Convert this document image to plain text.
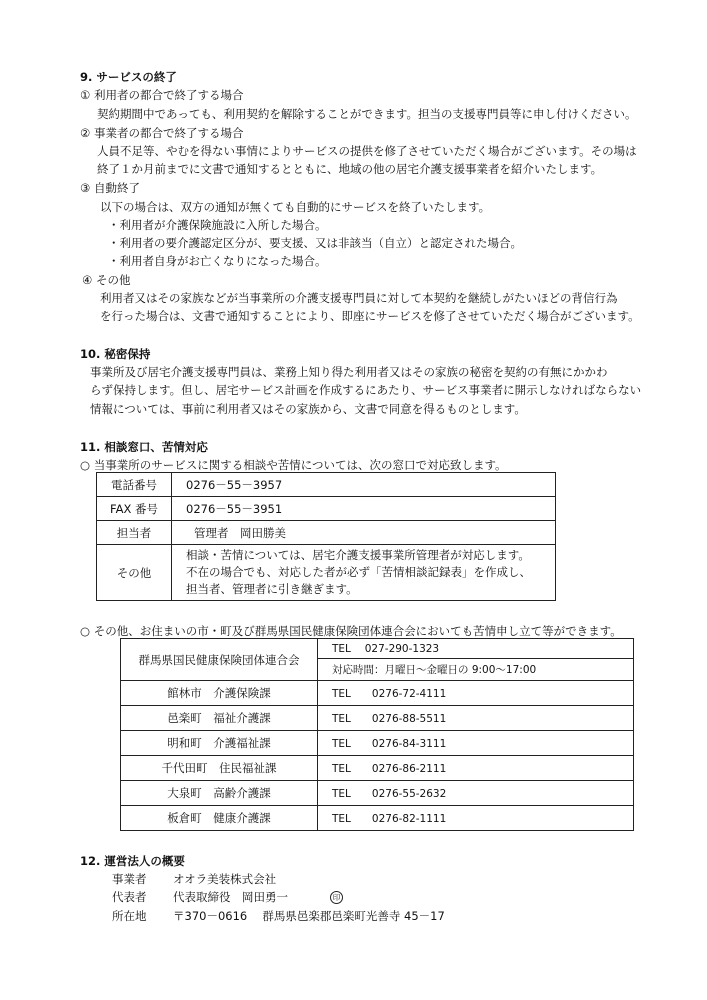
9. サービスの終了
① 利用者の都合で終了する場合
契約期間中であっても、利用契約を解除することができます。担当の支援専門員等に申し付けください。
② 事業者の都合で終了する場合
人員不足等、やむを得ない事情によりサービスの提供を修了させていただく場合がございます。その場は
終了１か月前までに文書で通知するとともに、地域の他の居宅介護支援事業者を紹介いたします。
③ 自動終了
以下の場合は、双方の通知が無くても自動的にサービスを終了いたします。
・利用者が介護保険施設に入所した場合。
・利用者の要介護認定区分が、要支援、又は非該当（自立）と認定された場合。
・利用者自身がお亡くなりになった場合。
④ その他
利用者又はその家族などが当事業所の介護支援専門員に対して本契約を継続しがたいほどの背信行為
を行った場合は、文書で通知することにより、即座にサービスを修了させていただく場合がございます。
10. 秘密保持
事業所及び居宅介護支援専門員は、業務上知り得た利用者又はその家族の秘密を契約の有無にかかわ
らず保持します。但し、居宅サービス計画を作成するにあたり、サービス事業者に開示しなければならない
情報については、事前に利用者又はその家族から、文書で同意を得るものとします。
11. 相談窓口、苦情対応
○ 当事業所のサービスに関する相談や苦情については、次の窓口で対応致します。
電話番号	0276－55－3957
FAX 番号	0276－55－3951
担当者	管理者　岡田勝美
その他	相談・苦情については、居宅介護支援事業所管理者が対応します。
不在の場合でも、対応した者が必ず「苦情相談記録表」を作成し、
担当者、管理者に引き継ぎます。
○ その他、お住まいの市・町及び群馬県国民健康保険団体連合会においても苦情申し立て等ができます。
群馬県国民健康保険団体連合会	TEL　 027-290-1323
	対応時間：月曜日～金曜日の 9:00～17:00
館林市　介護保険課	TEL　　0276-72-4111
邑楽町　福祉介護課	TEL　　0276-88-5511
明和町　介護福祉課	TEL　　0276-84-3111
千代田町　住民福祉課	TEL　　0276-86-2111
大泉町　高齢介護課	TEL　　0276-55-2632
板倉町　健康介護課	TEL　　0276-82-1111
12. 運営法人の概要
事業者 オオラ美装株式会社
代表者 代表取締役　岡田勇一	印
所在地 〒370－0616　 群馬県邑楽郡邑楽町光善寺 45－17
